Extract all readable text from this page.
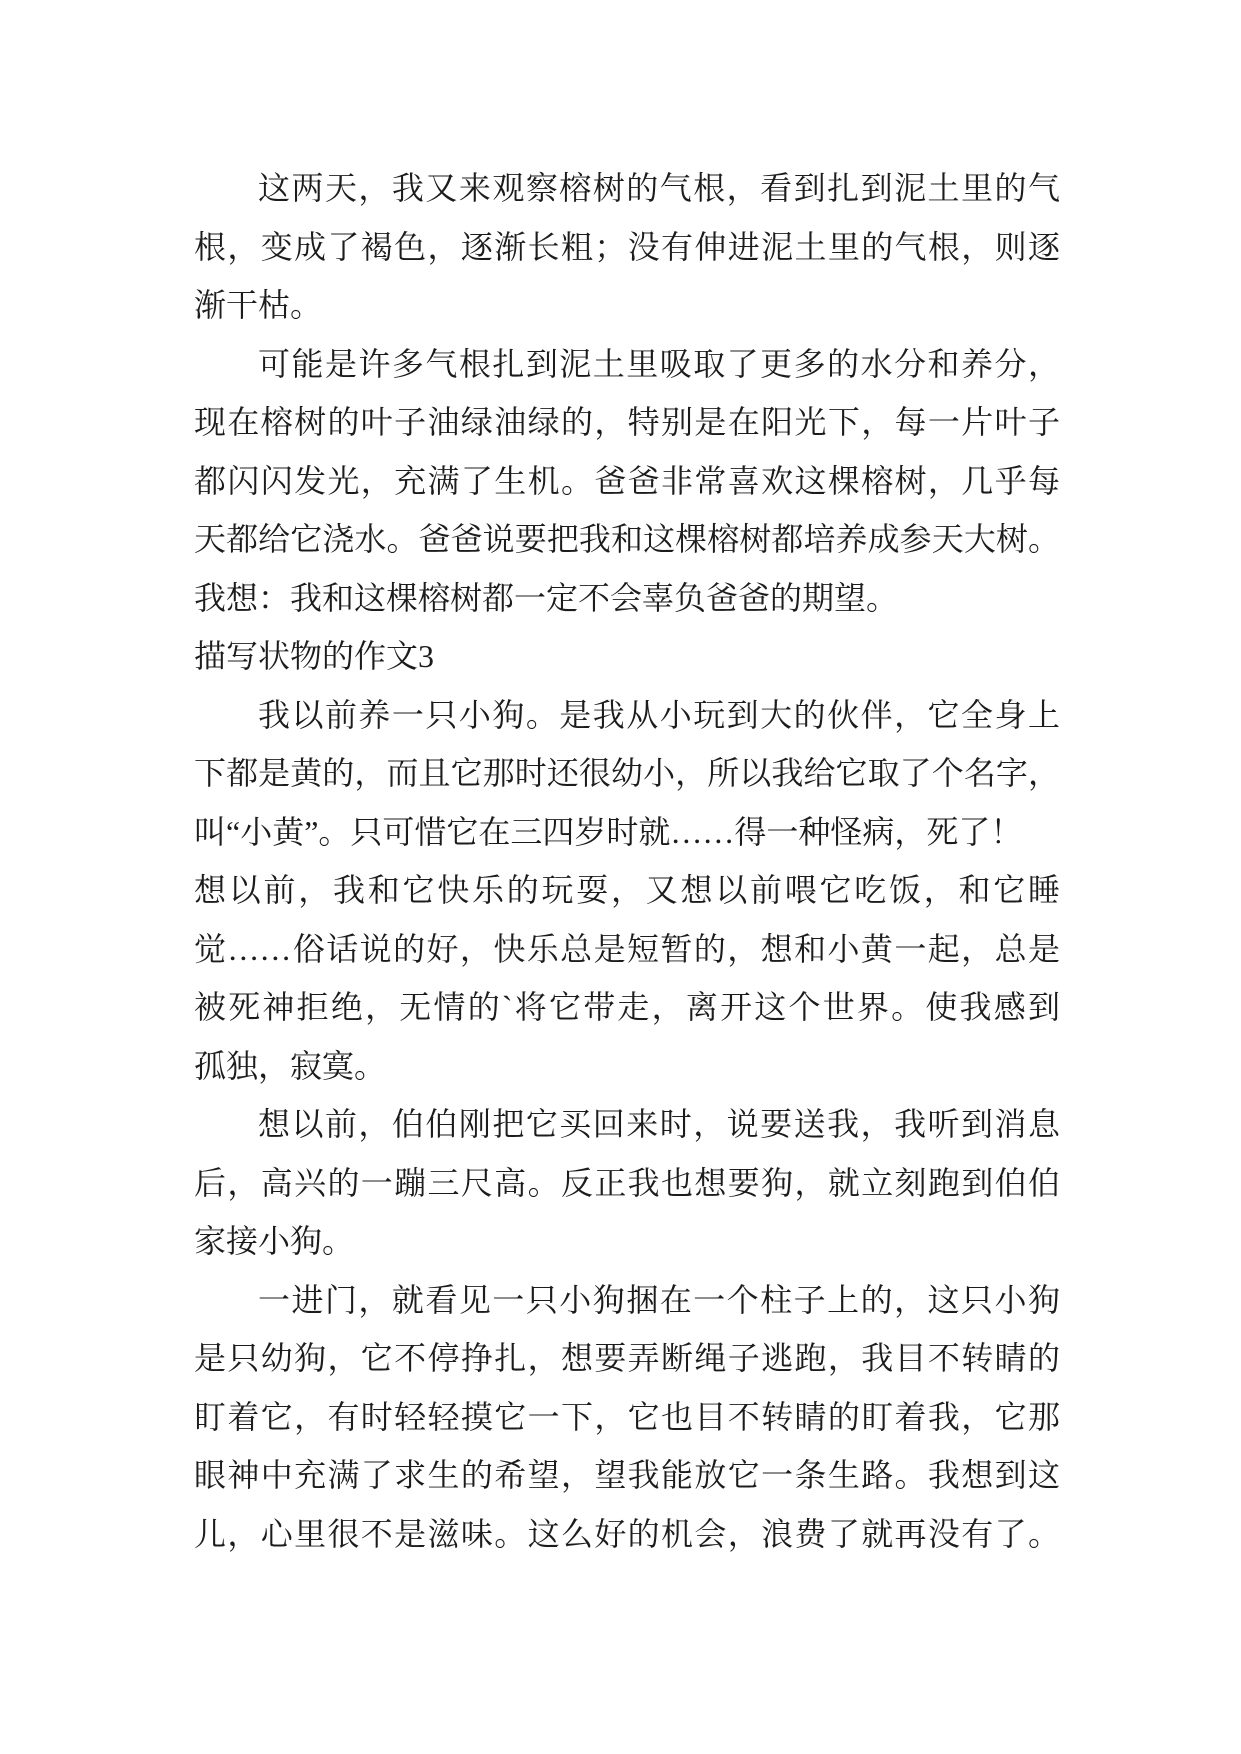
这两天，我又来观察榕树的气根，看到扎到泥土里的气
根，变成了褐色，逐渐长粗；没有伸进泥土里的气根，则逐
渐干枯。
可能是许多气根扎到泥土里吸取了更多的水分和养分，
现在榕树的叶子油绿油绿的，特别是在阳光下，每一片叶子
都闪闪发光，充满了生机。爸爸非常喜欢这棵榕树，几乎每
天都给它浇水。爸爸说要把我和这棵榕树都培养成参天大树。
我想：我和这棵榕树都一定不会辜负爸爸的期望。
描写状物的作文3
我以前养一只小狗。是我从小玩到大的伙伴，它全身上
下都是黄的，而且它那时还很幼小，所以我给它取了个名字，
叫“小黄”。只可惜它在三四岁时就……得一种怪病，死了！
想以前，我和它快乐的玩耍，又想以前喂它吃饭，和它睡
觉……俗话说的好，快乐总是短暂的，想和小黄一起，总是
被死神拒绝，无情的`将它带走，离开这个世界。使我感到
孤独，寂寞。
想以前，伯伯刚把它买回来时，说要送我，我听到消息
后，高兴的一蹦三尺高。反正我也想要狗，就立刻跑到伯伯
家接小狗。
一进门，就看见一只小狗捆在一个柱子上的，这只小狗
是只幼狗，它不停挣扎，想要弄断绳子逃跑，我目不转睛的
盯着它，有时轻轻摸它一下，它也目不转睛的盯着我，它那
眼神中充满了求生的希望，望我能放它一条生路。我想到这
儿，心里很不是滋味。这么好的机会，浪费了就再没有了。
